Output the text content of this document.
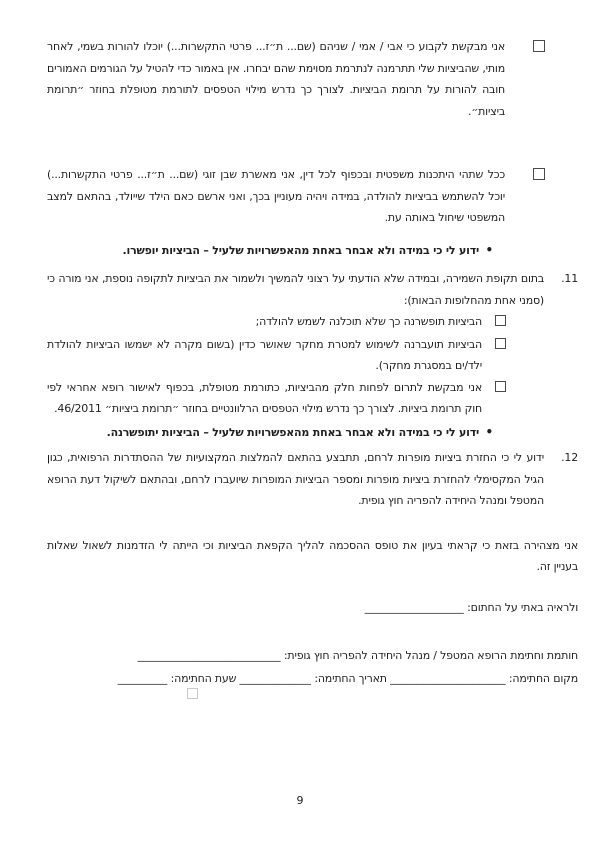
אני מבקשת לקבוע כי אבי / אמי / שניהם (שם... ת״ז... פרטי התקשרות...) יוכלו להורות בשמי, לאחר מותי, שהביציות שלי תתרמנה לנתרמת מסוימת שהם יבחרו. אין באמור כדי להטיל על הגורמים האמורים חובה להורות על תרומת הביציות. לצורך כך נדרש מילוי הטפסים לתורמת מטופלת בחוזר ״תרומת ביציות״.
ככל שתהי היתכנות משפטית ובכפוף לכל דין, אני מאשרת שבן זוגי (שם... ת״ז... פרטי התקשרות...) יוכל להשתמש בביציות להולדה, במידה ויהיה מעוניין בכך, ואני ארשם כאם הילד שייולד, בהתאם למצב המשפטי שיחול באותה עת.
•
ידוע לי כי במידה ולא אבחר באחת מהאפשרויות שלעיל – הביציות יופשרו.
11.
בתום תקופת השמירה, ובמידה שלא הודעתי על רצוני להמשיך ולשמור את הביציות לתקופה נוספת, אני מורה כי (סמני אחת מהחלופות הבאות):
הביציות תופשרנה כך שלא תוכלנה לשמש להולדה;
הביציות תועברנה לשימוש למטרת מחקר שאושר כדין (בשום מקרה לא ישמשו הביציות להולדת ילד/ים במסגרת מחקר).
אני מבקשת לתרום לפחות חלק מהביציות, כתורמת מטופלת, בכפוף לאישור רופא אחראי לפי חוק תרומת ביציות. לצורך כך נדרש מילוי הטפסים הרלוונטיים בחוזר ״תרומת ביציות״ 46/2011.
•
ידוע לי כי במידה ולא אבחר באחת מהאפשרויות שלעיל – הביציות יתופשרנה.
12.
ידוע לי כי החזרת ביציות מופרות לרחם, תתבצע בהתאם להמלצות המקצועיות של ההסתדרות הרפואית, כגון הגיל המקסימלי להחזרת ביציות מופרות ומספר הביציות המופרות שיועברו לרחם, ובהתאם לשיקול דעת הרופא המטפל ומנהל היחידה להפריה חוץ גופית.
אני מצהירה בזאת כי קראתי בעיון את טופס ההסכמה להליך הקפאת הביציות וכי הייתה לי הזדמנות לשאול שאלות בעניין זה.
ולראיה באתי על החתום: __________________
חותמת וחתימת הרופא המטפל / מנהל היחידה להפריה חוץ גופית: __________________________
מקום החתימה: _____________________ תאריך החתימה: _____________ שעת החתימה: _________
9
